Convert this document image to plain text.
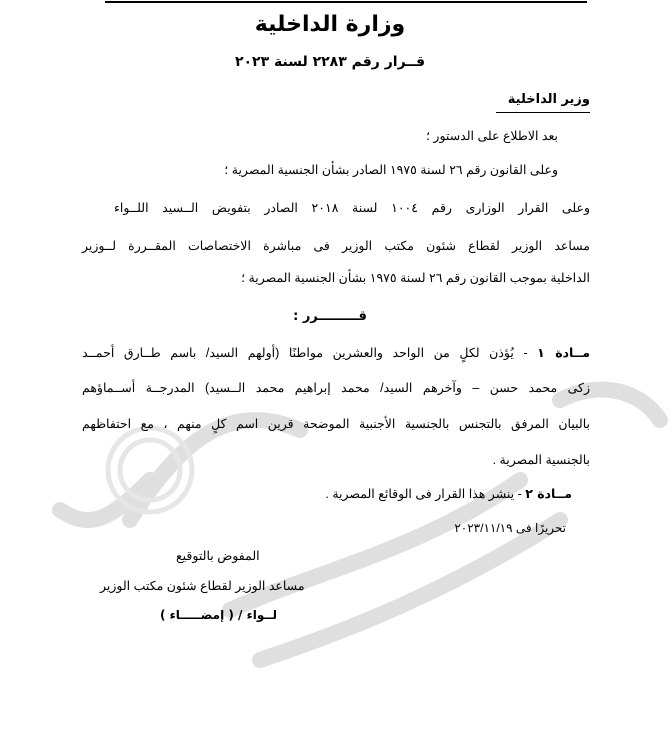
وزارة الداخلية
قــرار رقم ٢٢٨٣ لسنة ٢٠٢٣
وزير الداخلية
بعد الاطلاع على الدستور ؛
وعلى القانون رقم ٢٦ لسنة ١٩٧٥ الصادر بشأن الجنسية المصرية ؛
وعلى القرار الوزارى رقم ١٠٠٤ لسنة ٢٠١٨ الصادر بتفويض الــسيد اللــواء
مساعد الوزير لقطاع شئون مكتب الوزير فى مباشرة الاختصاصات المقــررة لــوزير
الداخلية بموجب القانون رقم ٢٦ لسنة ١٩٧٥ بشأن الجنسية المصرية ؛
قـــــــــرر :
مــادة ١ - يُؤذن لكلٍ من الواحد والعشرين مواطنًا (أولهم السيد/ باسم طــارق أحمــد
زكى محمد حسن – وآخرهم السيد/ محمد إبراهيم محمد الــسيد) المدرجــة أســماؤهم
بالبيان المرفق بالتجنس بالجنسية الأجنبية الموضحة قرين اسم كلٍ منهم ، مع احتفاظهم
بالجنسية المصرية .
مــادة ٢ - ينشر هذا القرار فى الوقائع المصرية .
تحريرًا فى ٢٠٢٣/١١/١٩
المفوض بالتوقيع
مساعد الوزير لقطاع شئون مكتب الوزير
لــواء / ( إمضـــــاء )
